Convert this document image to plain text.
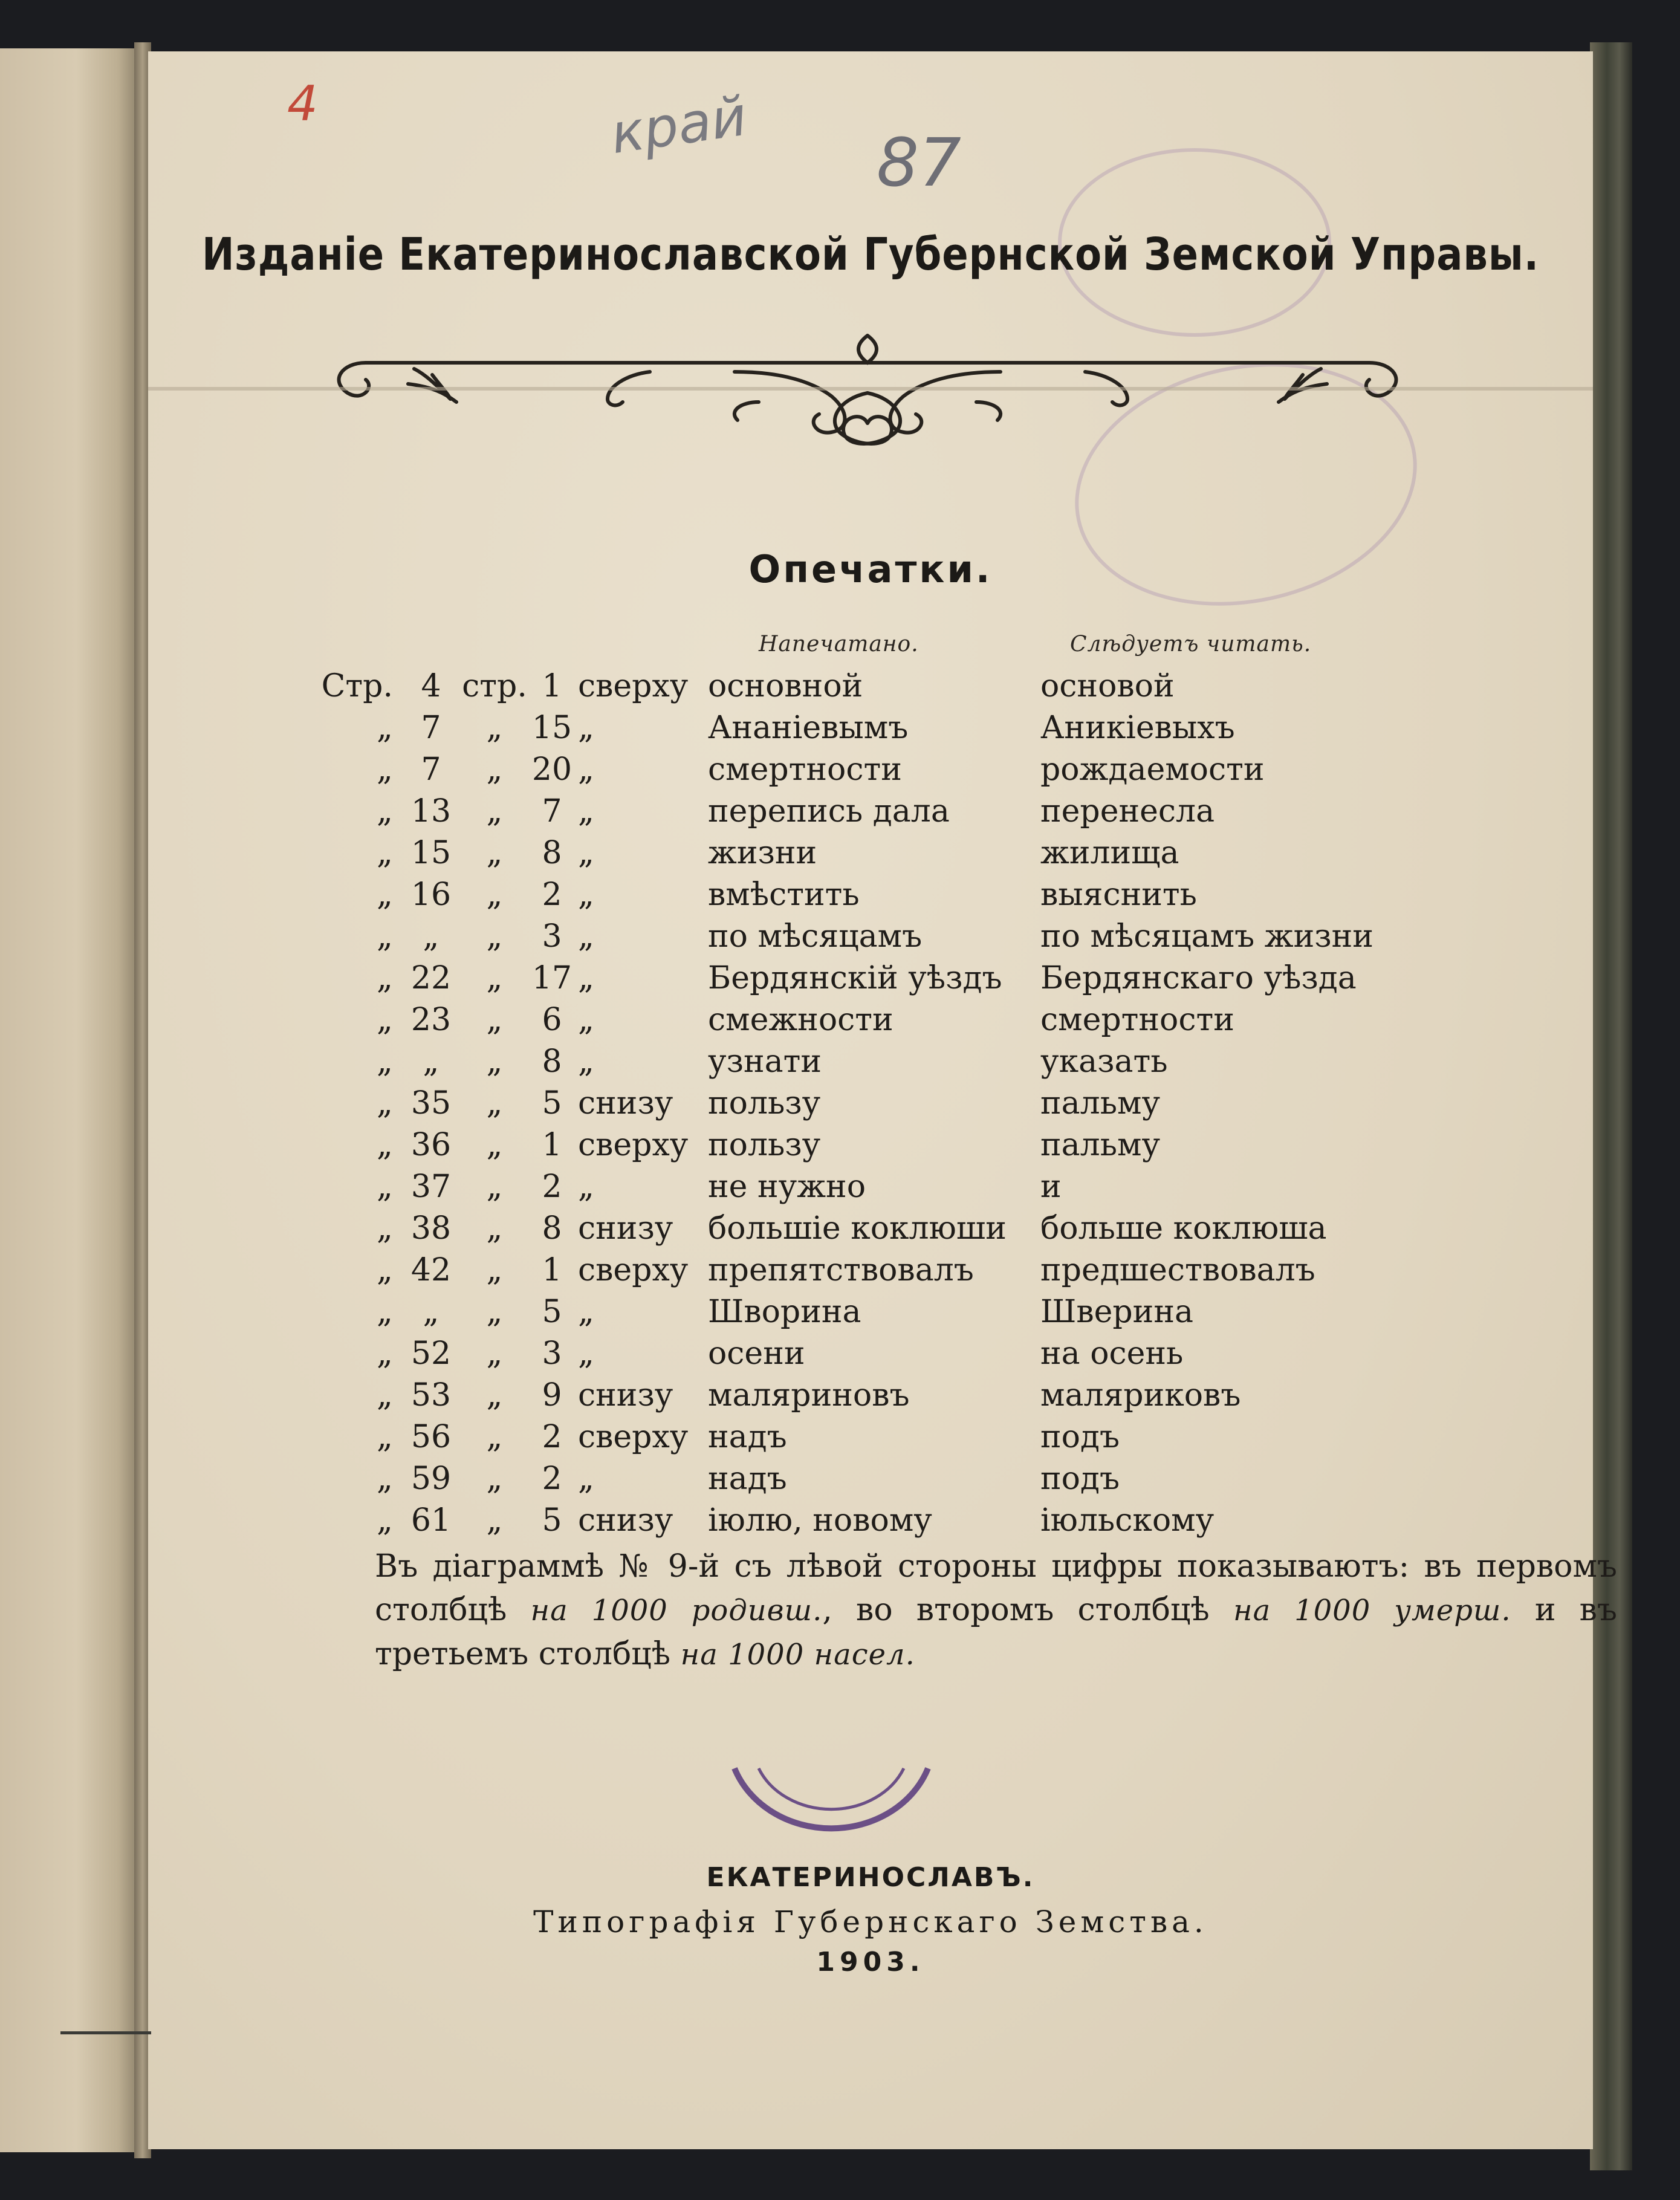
4	край 87
Изданіе Екатеринославской Губернской Земской Управы.
Опечатки.
Напечатано.	Слѣдуетъ читать.
Стр.	4	стр.	1	сверху	основной	основой
„	7	„	15	„	Ананіевымъ	Аникіевыхъ
„	7	„	20	„	смертности	рождаемости
„	13	„	7	„	перепись дала	перенесла
„	15	„	8	„	жизни	жилища
„	16	„	2	„	вмѣстить	выяснить
„	„	„	3	„	по мѣсяцамъ	по мѣсяцамъ жизни
„	22	„	17	„	Бердянскій уѣздъ	Бердянскаго уѣзда
„	23	„	6	„	смежности	смертности
„	„	„	8	„	узнати	указать
„	35	„	5	снизу	пользу	пальму
„	36	„	1	сверху	пользу	пальму
„	37	„	2	„	не нужно	и
„	38	„	8	снизу	большіе коклюши	больше коклюша
„	42	„	1	сверху	препятствовалъ	предшествовалъ
„	„	„	5	„	Шворина	Шверина
„	52	„	3	„	осени	на осень
„	53	„	9	снизу	маляриновъ	маляриковъ
„	56	„	2	сверху	надъ	подъ
„	59	„	2	„	надъ	подъ
„	61	„	5	снизу	іюлю, новому	іюльскому
Въ діаграммѣ № 9-й съ лѣвой стороны цифры показываютъ: въ первомъ столбцѣ на 1000 родивш., во второмъ столбцѣ на 1000 умерш. и въ третьемъ столбцѣ на 1000 насел.
ЕКАТЕРИНОСЛАВЪ.
Типографія Губернскаго Земства.
1903.
